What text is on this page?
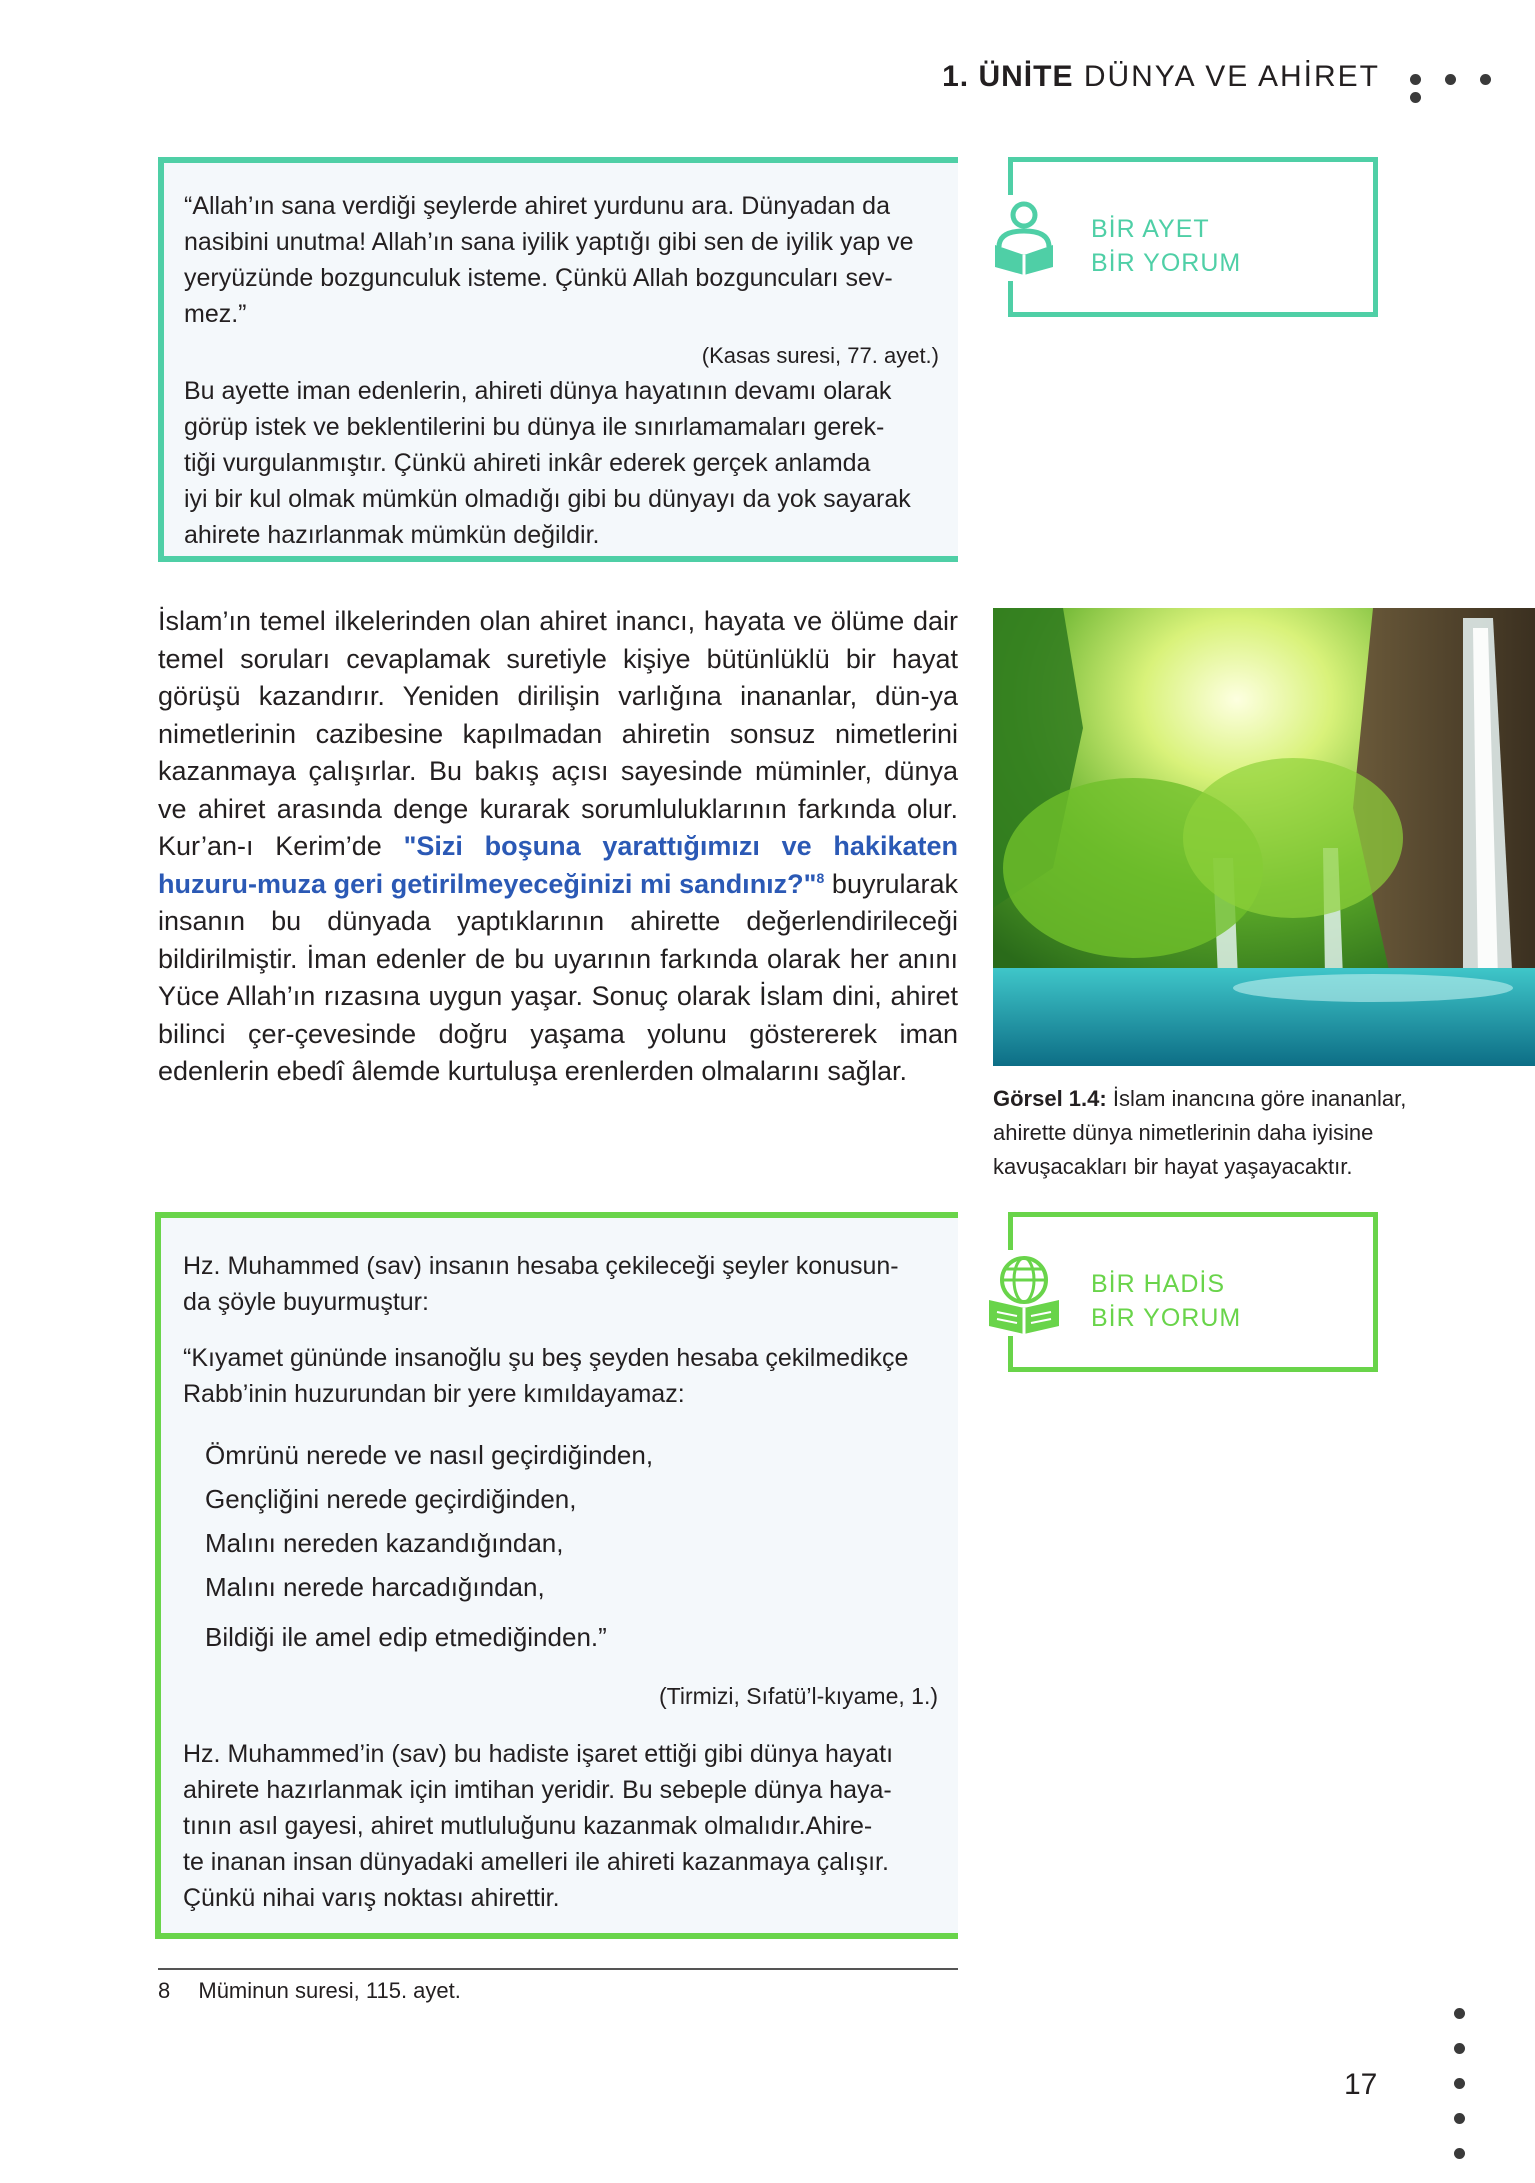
1. ÜNİTE DÜNYA VE AHİRET
“Allah’ın sana verdiği şeylerde ahiret yurdunu ara. Dünyadan da
nasibini unutma! Allah’ın sana iyilik yaptığı gibi sen de iyilik yap ve
yeryüzünde bozgunculuk isteme. Çünkü Allah bozguncuları sev-
mez.”
(Kasas suresi, 77. ayet.)
Bu ayette iman edenlerin, ahireti dünya hayatının devamı olarak
görüp istek ve beklentilerini bu dünya ile sınırlamamaları gerek-
tiği vurgulanmıştır. Çünkü ahireti inkâr ederek gerçek anlamda
iyi bir kul olmak mümkün olmadığı gibi bu dünyayı da yok sayarak
ahirete hazırlanmak mümkün değildir.
BİR AYET
BİR YORUM
İslam’ın temel ilkelerinden olan ahiret inancı, hayata ve ölüme dair temel soruları cevaplamak suretiyle kişiye bütünlüklü bir hayat görüşü kazandırır. Yeniden dirilişin varlığına inananlar, dün-ya nimetlerinin cazibesine kapılmadan ahiretin sonsuz nimetlerini kazanmaya çalışırlar. Bu bakış açısı sayesinde müminler, dünya ve ahiret arasında denge kurarak sorumluluklarının farkında olur. Kur’an-ı Kerim’de "Sizi boşuna yarattığımızı ve hakikaten huzuru-muza geri getirilmeyeceğinizi mi sandınız?"$^8$ buyrularak insanın bu dünyada yaptıklarının ahirette değerlendirileceği bildirilmiştir. İman edenler de bu uyarının farkında olarak her anını Yüce Allah’ın rızasına uygun yaşar. Sonuç olarak İslam dini, ahiret bilinci çer-çevesinde doğru yaşama yolunu göstererek iman edenlerin ebedî âlemde kurtuluşa erenlerden olmalarını sağlar.
Görsel 1.4: İslam inancına göre inananlar, ahirette dünya nimetlerinin daha iyisine kavuşacakları bir hayat yaşayacaktır.
Hz. Muhammed (sav) insanın hesaba çekileceği şeyler konusun-
da şöyle buyurmuştur:
“Kıyamet gününde insanoğlu şu beş şeyden hesaba çekilmedikçe
Rabb’inin huzurundan bir yere kımıldayamaz:
Ömrünü nerede ve nasıl geçirdiğinden,
Gençliğini nerede geçirdiğinden,
Malını nereden kazandığından,
Malını nerede harcadığından,
Bildiği ile amel edip etmediğinden.”
(Tirmizi, Sıfatü’l-kıyame, 1.)
Hz. Muhammed’in (sav) bu hadiste işaret ettiği gibi dünya hayatı
ahirete hazırlanmak için imtihan yeridir. Bu sebeple dünya haya-
tının asıl gayesi, ahiret mutluluğunu kazanmak olmalıdır.Ahire-
te inanan insan dünyadaki amelleri ile ahireti kazanmaya çalışır.
Çünkü nihai varış noktası ahirettir.
BİR HADİS
BİR YORUM
8 Müminun suresi, 115. ayet.
17
